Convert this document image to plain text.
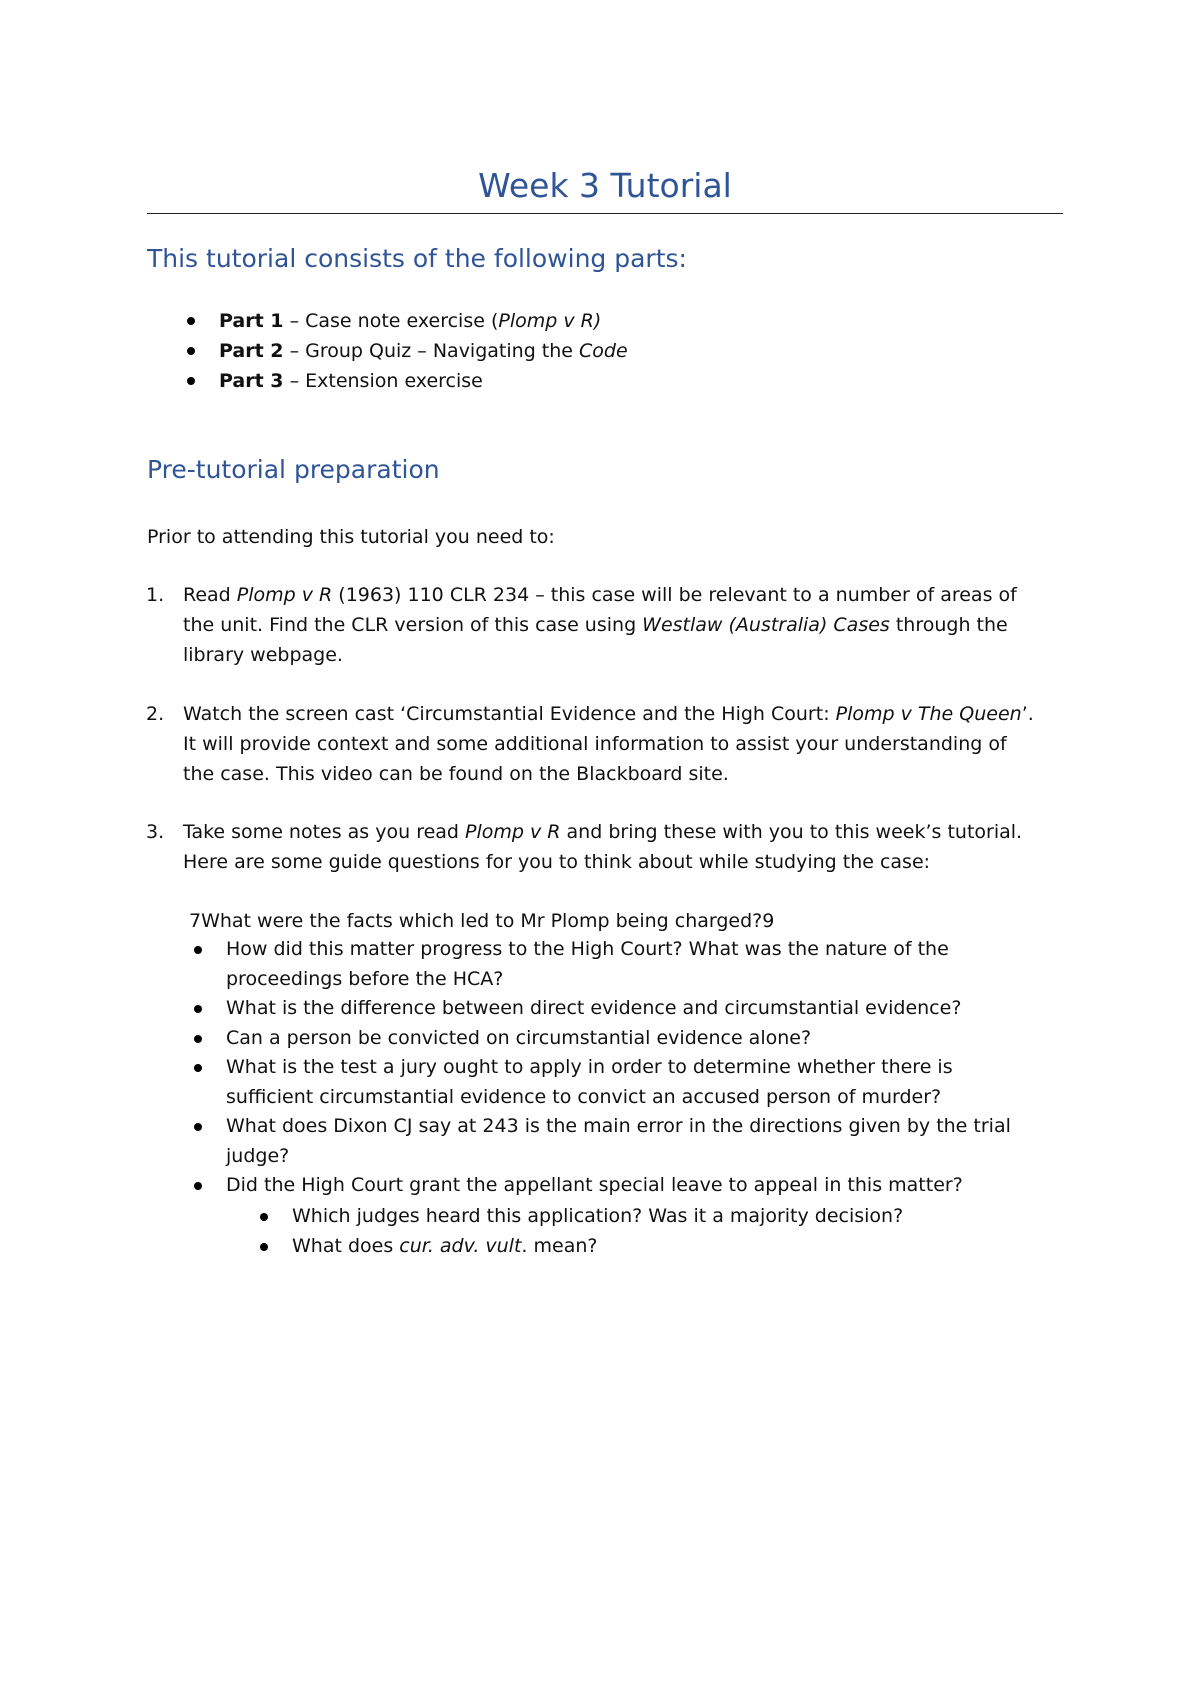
Week 3 Tutorial
This tutorial consists of the following parts:
Part 1 – Case note exercise (Plomp v R)
Part 2 – Group Quiz – Navigating the Code
Part 3 – Extension exercise
Pre-tutorial preparation
Prior to attending this tutorial you need to:
1. Read Plomp v R (1963) 110 CLR 234 – this case will be relevant to a number of areas of
the unit. Find the CLR version of this case using Westlaw (Australia) Cases through the
library webpage.
2. Watch the screen cast ‘Circumstantial Evidence and the High Court: Plomp v The Queen’.
It will provide context and some additional information to assist your understanding of
the case. This video can be found on the Blackboard site.
3. Take some notes as you read Plomp v R and bring these with you to this week’s tutorial.
Here are some guide questions for you to think about while studying the case:
7What were the facts which led to Mr Plomp being charged?9
How did this matter progress to the High Court? What was the nature of the
proceedings before the HCA?
What is the difference between direct evidence and circumstantial evidence?
Can a person be convicted on circumstantial evidence alone?
What is the test a jury ought to apply in order to determine whether there is
sufficient circumstantial evidence to convict an accused person of murder?
What does Dixon CJ say at 243 is the main error in the directions given by the trial
judge?
Did the High Court grant the appellant special leave to appeal in this matter?
Which judges heard this application? Was it a majority decision?
What does cur. adv. vult. mean?
